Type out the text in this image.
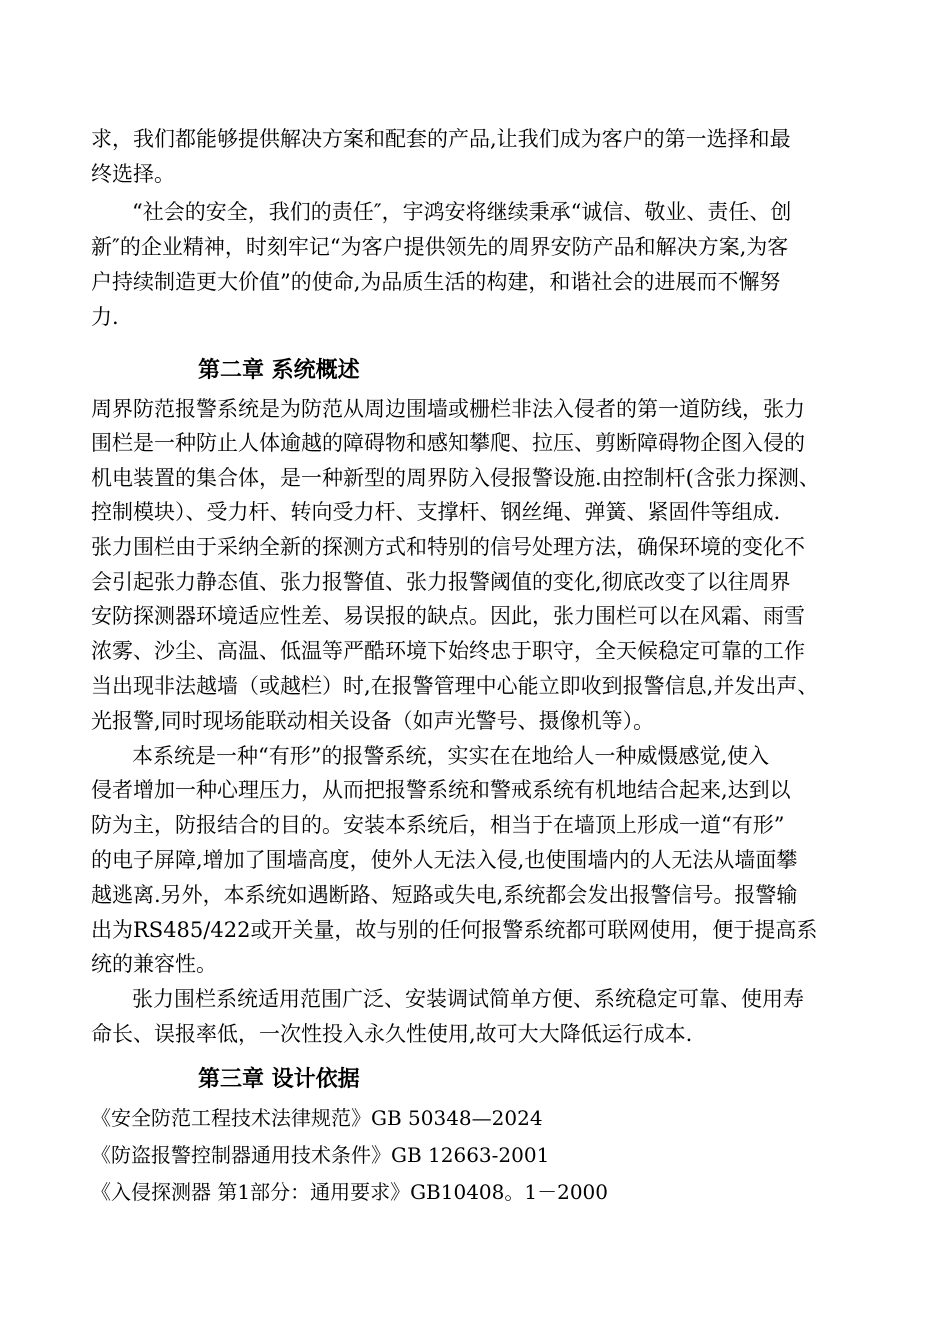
求，我们都能够提供解决方案和配套的产品,让我们成为客户的第一选择和最
终选择。
“社会的安全，我们的责任″，宇鸿安将继续秉承“诚信、敬业、责任、创
新″的企业精神，时刻牢记“为客户提供领先的周界安防产品和解决方案,为客
户持续制造更大价值”的使命,为品质生活的构建，和谐社会的进展而不懈努
力.
第二章 系统概述
周界防范报警系统是为防范从周边围墙或栅栏非法入侵者的第一道防线，张力
围栏是一种防止人体逾越的障碍物和感知攀爬、拉压、剪断障碍物企图入侵的
机电装置的集合体，是一种新型的周界防入侵报警设施.由控制杆(含张力探测、
控制模块）、受力杆、转向受力杆、支撑杆、钢丝绳、弹簧、紧固件等组成.
张力围栏由于采纳全新的探测方式和特别的信号处理方法，确保环境的变化不
会引起张力静态值、张力报警值、张力报警阈值的变化,彻底改变了以往周界
安防探测器环境适应性差、易误报的缺点。因此，张力围栏可以在风霜、雨雪
浓雾、沙尘、高温、低温等严酷环境下始终忠于职守，全天候稳定可靠的工作
当出现非法越墙（或越栏）时,在报警管理中心能立即收到报警信息,并发出声、
光报警,同时现场能联动相关设备（如声光警号、摄像机等）。
本系统是一种“有形”的报警系统，实实在在地给人一种威慑感觉,使入
侵者增加一种心理压力，从而把报警系统和警戒系统有机地结合起来,达到以
防为主，防报结合的目的。安装本系统后，相当于在墙顶上形成一道“有形”
的电子屏障,增加了围墙高度，使外人无法入侵,也使围墙内的人无法从墙面攀
越逃离.另外，本系统如遇断路、短路或失电,系统都会发出报警信号。报警输
出为RS485/422或开关量，故与别的任何报警系统都可联网使用，便于提高系
统的兼容性。
张力围栏系统适用范围广泛、安装调试简单方便、系统稳定可靠、使用寿
命长、误报率低，一次性投入永久性使用,故可大大降低运行成本.
第三章 设计依据
《安全防范工程技术法律规范》GB 50348—2024
《防盗报警控制器通用技术条件》GB 12663-2001
《入侵探测器 第1部分：通用要求》GB10408。1－2000
